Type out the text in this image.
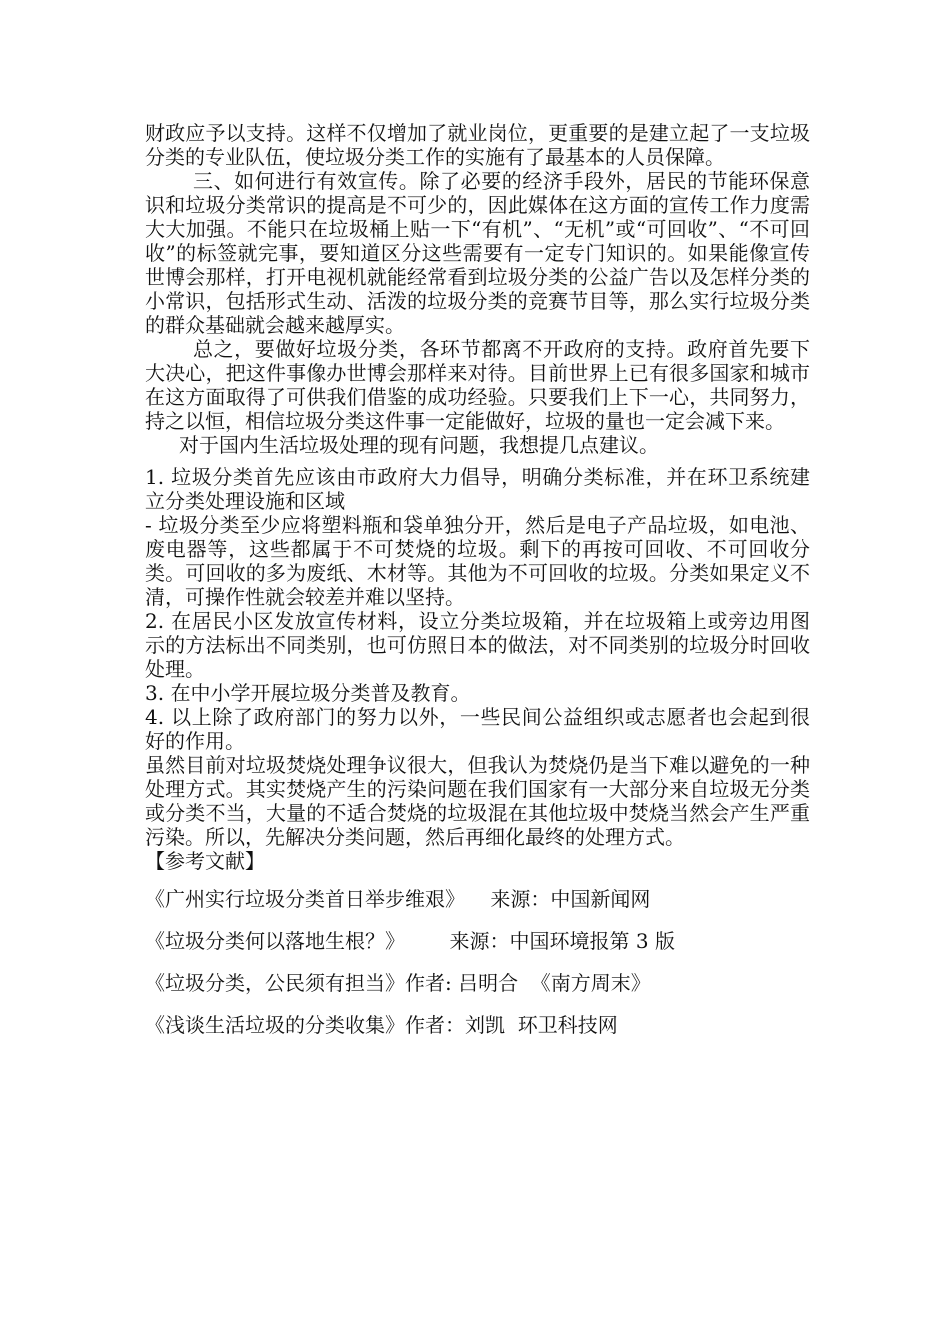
财政应予以支持。这样不仅增加了就业岗位，更重要的是建立起了一支垃圾分类的专业队伍，使垃圾分类工作的实施有了最基本的人员保障。

三、如何进行有效宣传。除了必要的经济手段外，居民的节能环保意识和垃圾分类常识的提高是不可少的，因此媒体在这方面的宣传工作力度需大大加强。不能只在垃圾桶上贴一下“有机”、“无机”或“可回收”、“不可回收”的标签就完事，要知道区分这些需要有一定专门知识的。如果能像宣传世博会那样，打开电视机就能经常看到垃圾分类的公益广告以及怎样分类的小常识，包括形式生动、活泼的垃圾分类的竞赛节目等，那么实行垃圾分类的群众基础就会越来越厚实。

总之，要做好垃圾分类，各环节都离不开政府的支持。政府首先要下大决心，把这件事像办世博会那样来对待。目前世界上已有很多国家和城市在这方面取得了可供我们借鉴的成功经验。只要我们上下一心，共同努力，持之以恒，相信垃圾分类这件事一定能做好，垃圾的量也一定会减下来。

对于国内生活垃圾处理的现有问题，我想提几点建议。

1. 垃圾分类首先应该由市政府大力倡导，明确分类标准，并在环卫系统建立分类处理设施和区域

- 垃圾分类至少应将塑料瓶和袋单独分开，然后是电子产品垃圾，如电池、废电器等，这些都属于不可焚烧的垃圾。剩下的再按可回收、不可回收分类。可回收的多为废纸、木材等。其他为不可回收的垃圾。分类如果定义不清，可操作性就会较差并难以坚持。

2. 在居民小区发放宣传材料，设立分类垃圾箱，并在垃圾箱上或旁边用图示的方法标出不同类别，也可仿照日本的做法，对不同类别的垃圾分时回收处理。

3. 在中小学开展垃圾分类普及教育。

4. 以上除了政府部门的努力以外，一些民间公益组织或志愿者也会起到很好的作用。

虽然目前对垃圾焚烧处理争议很大，但我认为焚烧仍是当下难以避免的一种处理方式。其实焚烧产生的污染问题在我们国家有一大部分来自垃圾无分类或分类不当，大量的不适合焚烧的垃圾混在其他垃圾中焚烧当然会产生严重污染。所以，先解决分类问题，然后再细化最终的处理方式。

【参考文献】

《广州实行垃圾分类首日举步维艰》    来源：中国新闻网

《垃圾分类何以落地生根？》       来源：中国环境报第 3 版

《垃圾分类，公民须有担当》作者: 吕明合  《南方周末》

《浅谈生活垃圾的分类收集》作者：刘凯  环卫科技网
